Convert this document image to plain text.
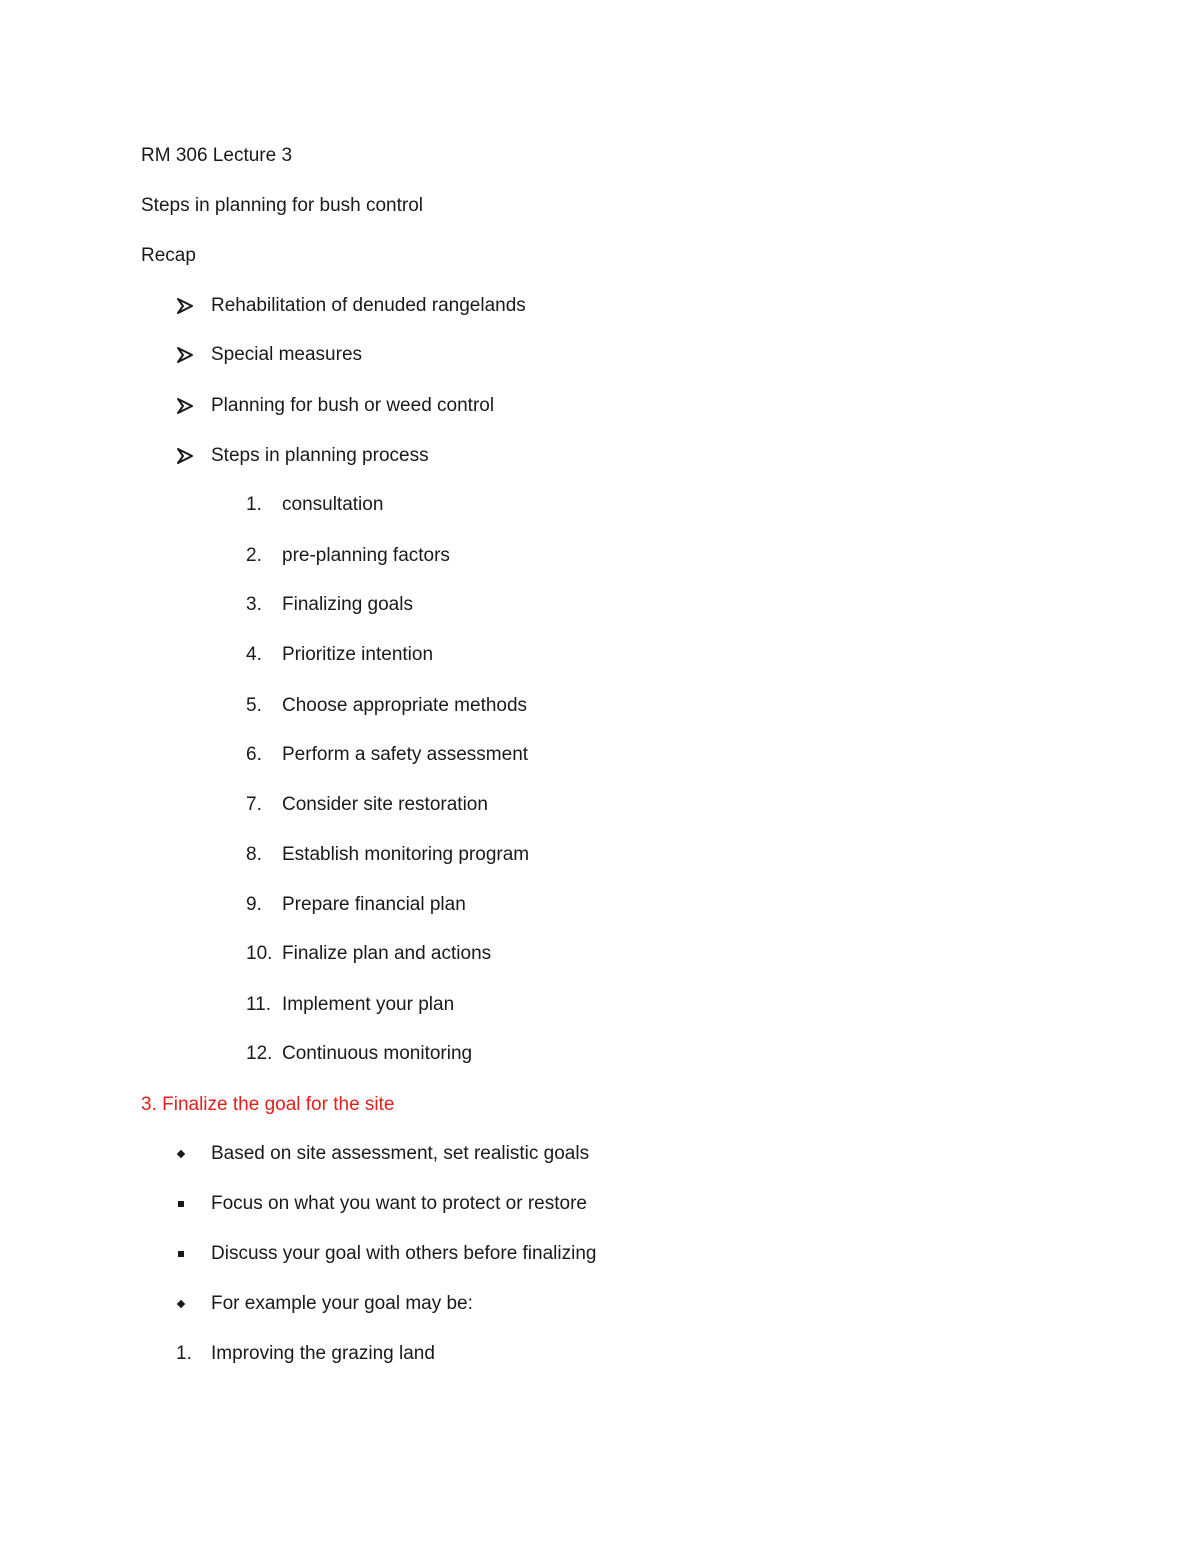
RM 306 Lecture 3
Steps in planning for bush control
Recap
Rehabilitation of denuded rangelands
Special measures
Planning for bush or weed control
Steps in planning process
1.	consultation
2.	pre-planning factors
3.	Finalizing goals
4.	Prioritize intention
5.	Choose appropriate methods
6.	Perform a safety assessment
7.	Consider site restoration
8.	Establish monitoring program
9.	Prepare financial plan
10. Finalize plan and actions
11. Implement your plan
12. Continuous monitoring
3. Finalize the goal for the site
Based on site assessment, set realistic goals
Focus on what you want to protect or restore
Discuss your goal with others before finalizing
For example your goal may be:
1.	Improving the grazing land
